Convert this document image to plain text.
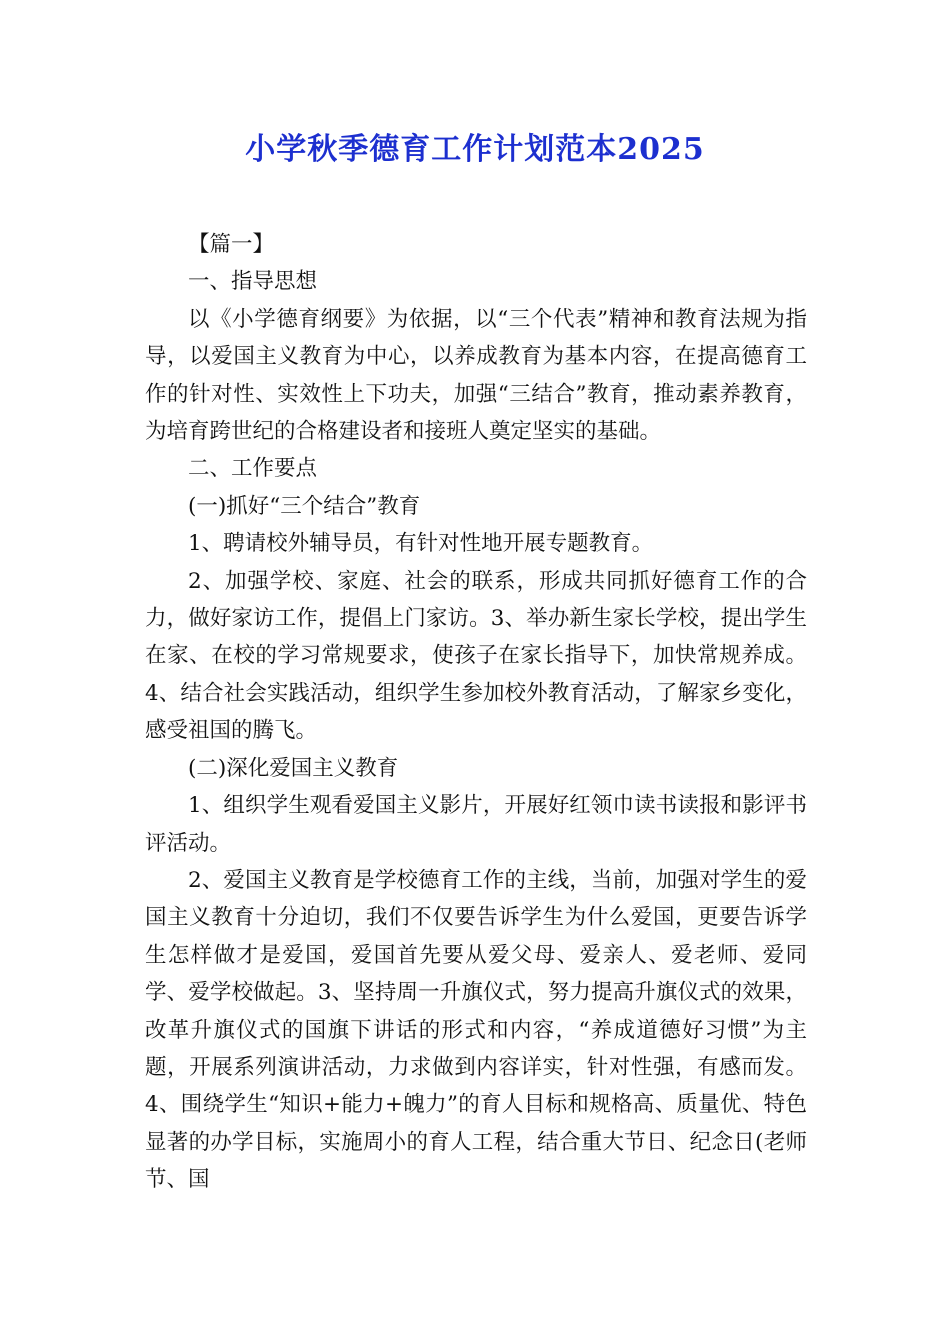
小学秋季德育工作计划范本2025

【篇一】

一、指导思想

以《小学德育纲要》为依据，以“三个代表”精神和教育法规为指导，以爱国主义教育为中心，以养成教育为基本内容，在提高德育工作的针对性、实效性上下功夫，加强“三结合”教育，推动素养教育，为培育跨世纪的合格建设者和接班人奠定坚实的基础。

二、工作要点

(一)抓好“三个结合”教育

1、聘请校外辅导员，有针对性地开展专题教育。

2、加强学校、家庭、社会的联系，形成共同抓好德育工作的合力，做好家访工作，提倡上门家访。3、举办新生家长学校，提出学生在家、在校的学习常规要求，使孩子在家长指导下，加快常规养成。4、结合社会实践活动，组织学生参加校外教育活动，了解家乡变化，感受祖国的腾飞。

(二)深化爱国主义教育

1、组织学生观看爱国主义影片，开展好红领巾读书读报和影评书评活动。

2、爱国主义教育是学校德育工作的主线，当前，加强对学生的爱国主义教育十分迫切，我们不仅要告诉学生为什么爱国，更要告诉学生怎样做才是爱国，爱国首先要从爱父母、爱亲人、爱老师、爱同学、爱学校做起。3、坚持周一升旗仪式，努力提高升旗仪式的效果，改革升旗仪式的国旗下讲话的形式和内容，“养成道德好习惯”为主题，开展系列演讲活动，力求做到内容详实，针对性强，有感而发。4、围绕学生“知识+能力+魄力”的育人目标和规格高、质量优、特色显著的办学目标，实施周小的育人工程，结合重大节日、纪念日(老师节、国
